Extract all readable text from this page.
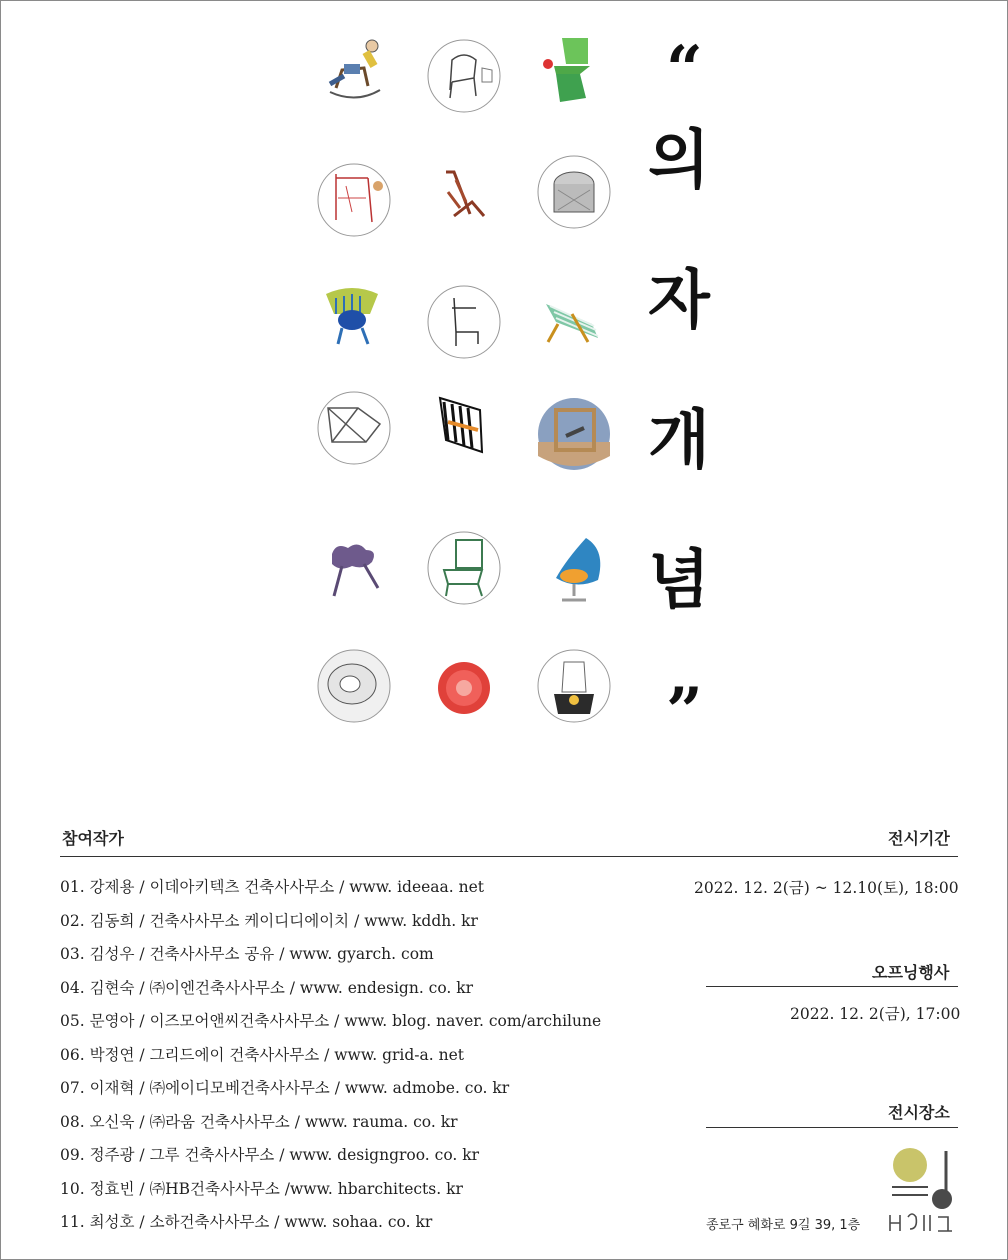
“
의
자
개
념
”
참여작가	전시기간
01. 강제용 / 이데아키텍츠 건축사사무소 / www. ideeaa. net
02. 김동희 / 건축사사무소 케이디디에이치 / www. kddh. kr
03. 김성우 / 건축사사무소 공유 / www. gyarch. com
04. 김현숙 / ㈜이엔건축사사무소 / www. endesign. co. kr
05. 문영아 / 이즈모어앤씨건축사사무소 / www. blog. naver. com/archilune
06. 박정연 / 그리드에이 건축사사무소 / www. grid-a. net
07. 이재혁 / ㈜에이디모베건축사사무소 / www. admobe. co. kr
08. 오신욱 / ㈜라움 건축사사무소 / www. rauma. co. kr
09. 정주광 / 그루 건축사사무소 / www. designgroo. co. kr
10. 정효빈 / ㈜HB건축사사무소 /www. hbarchitects. kr
11. 최성호 / 소하건축사사무소 / www. sohaa. co. kr
2022. 12. 2(금) ~ 12.10(토), 18:00
오프닝행사
2022. 12. 2(금), 17:00
전시장소
종로구 혜화로 9길 39, 1층
